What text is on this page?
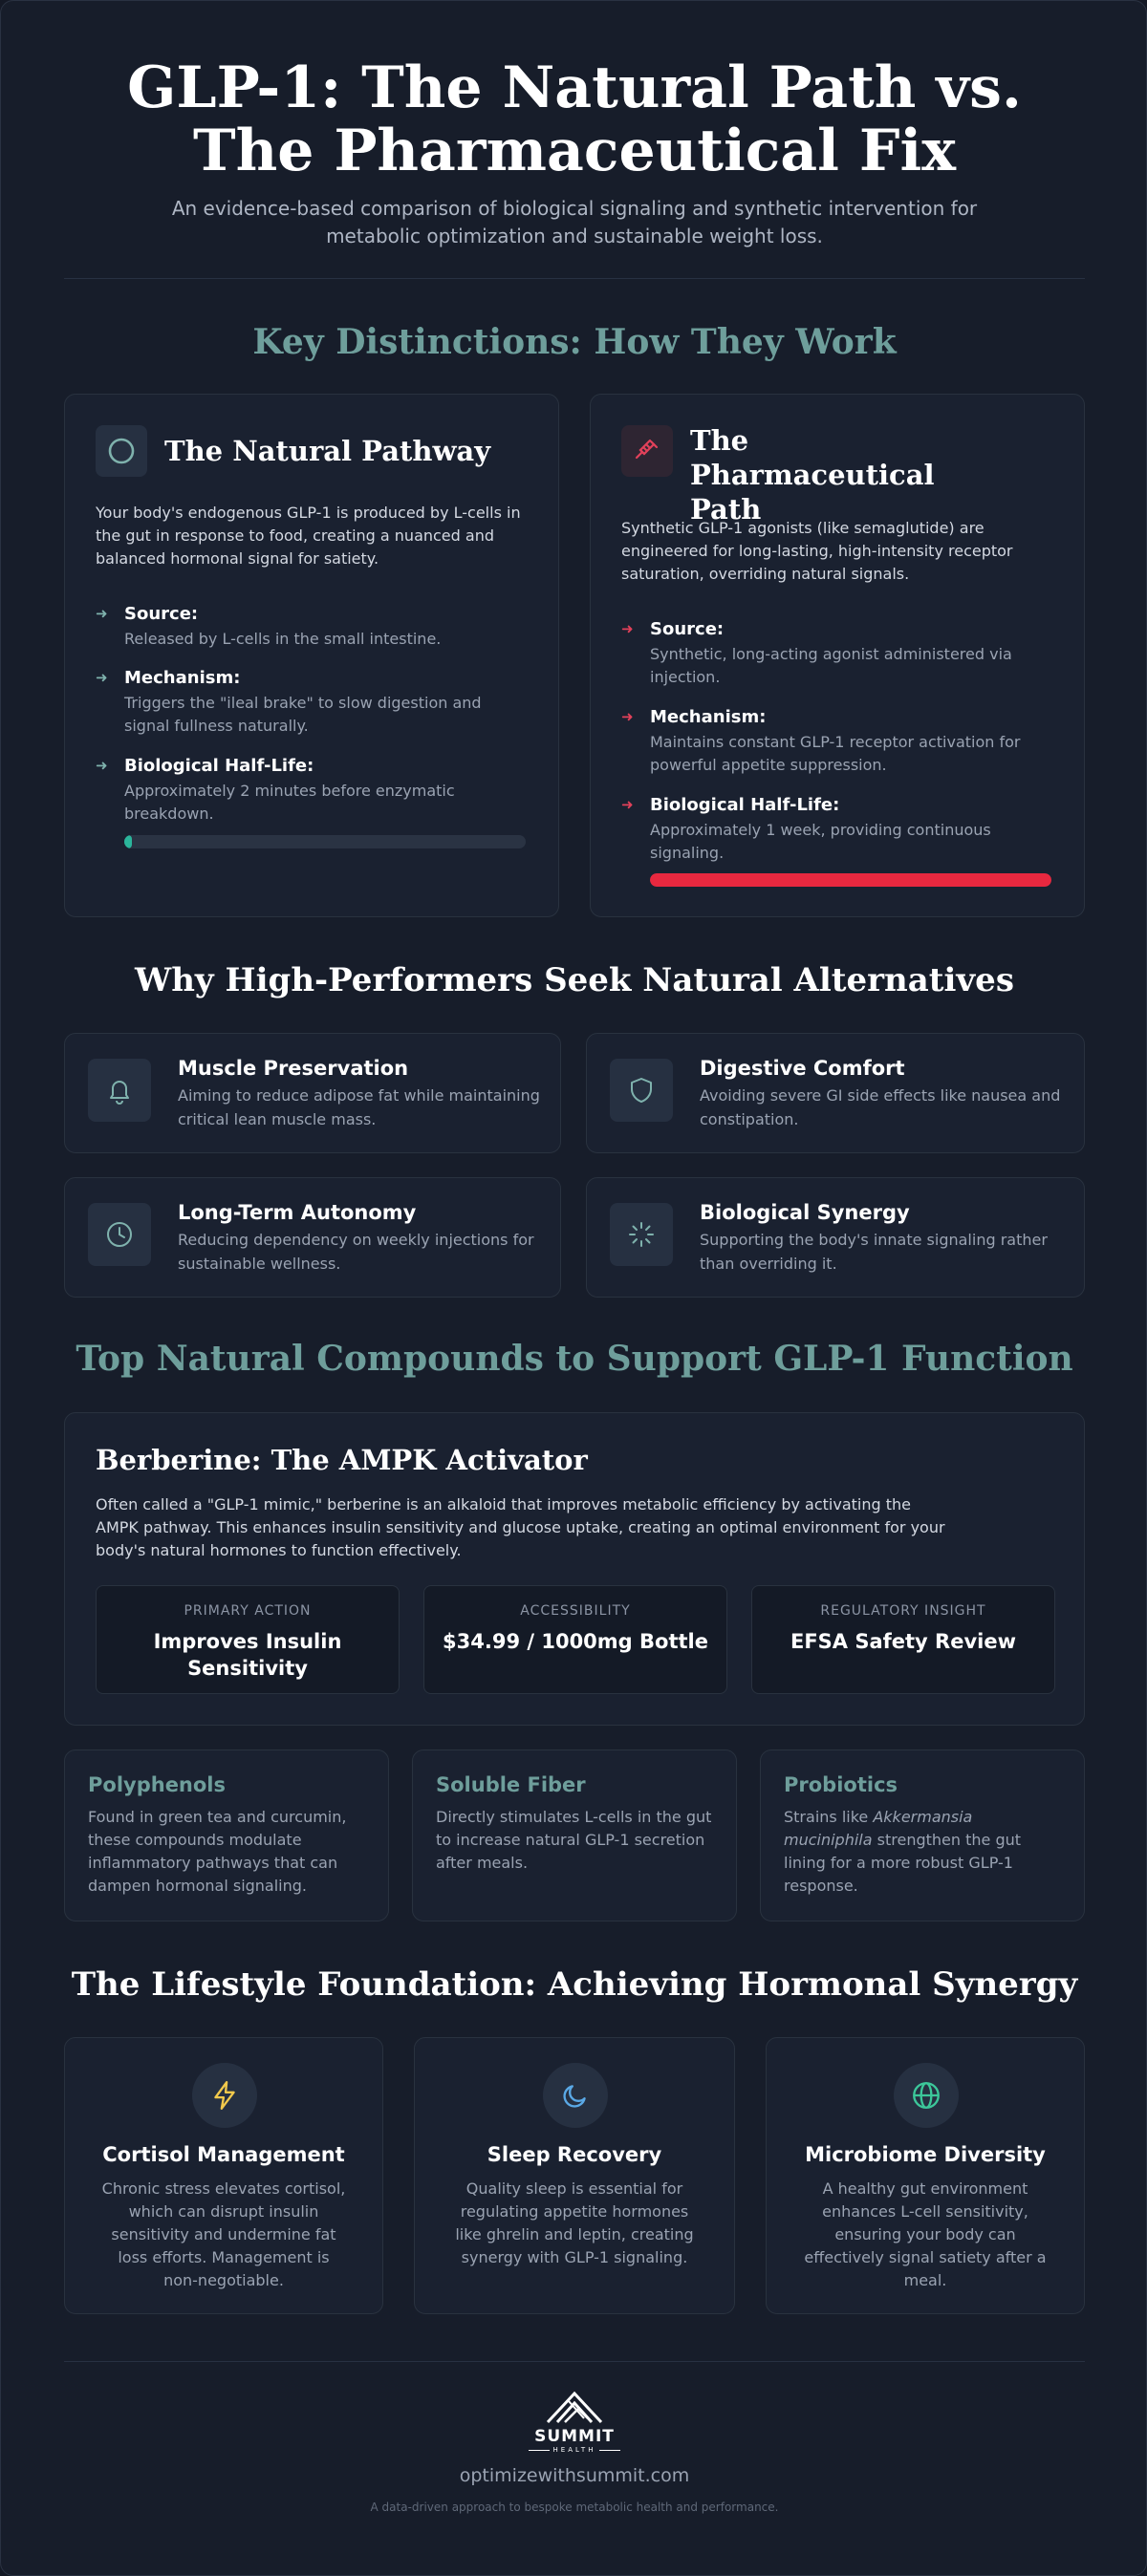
GLP-1: The Natural Path vs. The Pharmaceutical Fix

An evidence-based comparison of biological signaling and synthetic intervention for metabolic optimization and sustainable weight loss.

Key Distinctions: How They Work
The Natural Pathway

Your body's endogenous GLP-1 is produced by L-cells in the gut in response to food, creating a nuanced and balanced hormonal signal for satiety.

➜ Source:
Released by L-cells in the small intestine.
➜ Mechanism:
Triggers the "ileal brake" to slow digestion and signal fullness naturally.
➜ Biological Half-Life:
Approximately 2 minutes before enzymatic breakdown.
The Pharmaceutical Path

Synthetic GLP-1 agonists (like semaglutide) are engineered for long-lasting, high-intensity receptor saturation, overriding natural signals.

➜ Source:
Synthetic, long-acting agonist administered via injection.
➜ Mechanism:
Maintains constant GLP-1 receptor activation for powerful appetite suppression.
➜ Biological Half-Life:
Approximately 1 week, providing continuous signaling.
Why High-Performers Seek Natural Alternatives
Muscle Preservation
Aiming to reduce adipose fat while maintaining critical lean muscle mass.
Digestive Comfort
Avoiding severe GI side effects like nausea and constipation.
Long-Term Autonomy
Reducing dependency on weekly injections for sustainable wellness.
Biological Synergy
Supporting the body's innate signaling rather than overriding it.
Top Natural Compounds to Support GLP-1 Function
Berberine: The AMPK Activator

Often called a "GLP-1 mimic," berberine is an alkaloid that improves metabolic efficiency by activating the AMPK pathway. This enhances insulin sensitivity and glucose uptake, creating an optimal environment for your body's natural hormones to function effectively.

PRIMARY ACTION
Improves Insulin Sensitivity
ACCESSIBILITY
$34.99 / 1000mg Bottle
REGULATORY INSIGHT
EFSA Safety Review
Polyphenols

Found in green tea and curcumin, these compounds modulate inflammatory pathways that can dampen hormonal signaling.

Soluble Fiber

Directly stimulates L-cells in the gut to increase natural GLP-1 secretion after meals.

Probiotics

Strains like Akkermansia muciniphila strengthen the gut lining for a more robust GLP-1 response.

The Lifestyle Foundation: Achieving Hormonal Synergy
Cortisol Management

Chronic stress elevates cortisol, which can disrupt insulin sensitivity and undermine fat loss efforts. Management is non-negotiable.

Sleep Recovery

Quality sleep is essential for regulating appetite hormones like ghrelin and leptin, creating synergy with GLP-1 signaling.

Microbiome Diversity

A healthy gut environment enhances L-cell sensitivity, ensuring your body can effectively signal satiety after a meal.

SUMMIT
HEALTH
optimizewithsummit.com
A data-driven approach to bespoke metabolic health and performance.
